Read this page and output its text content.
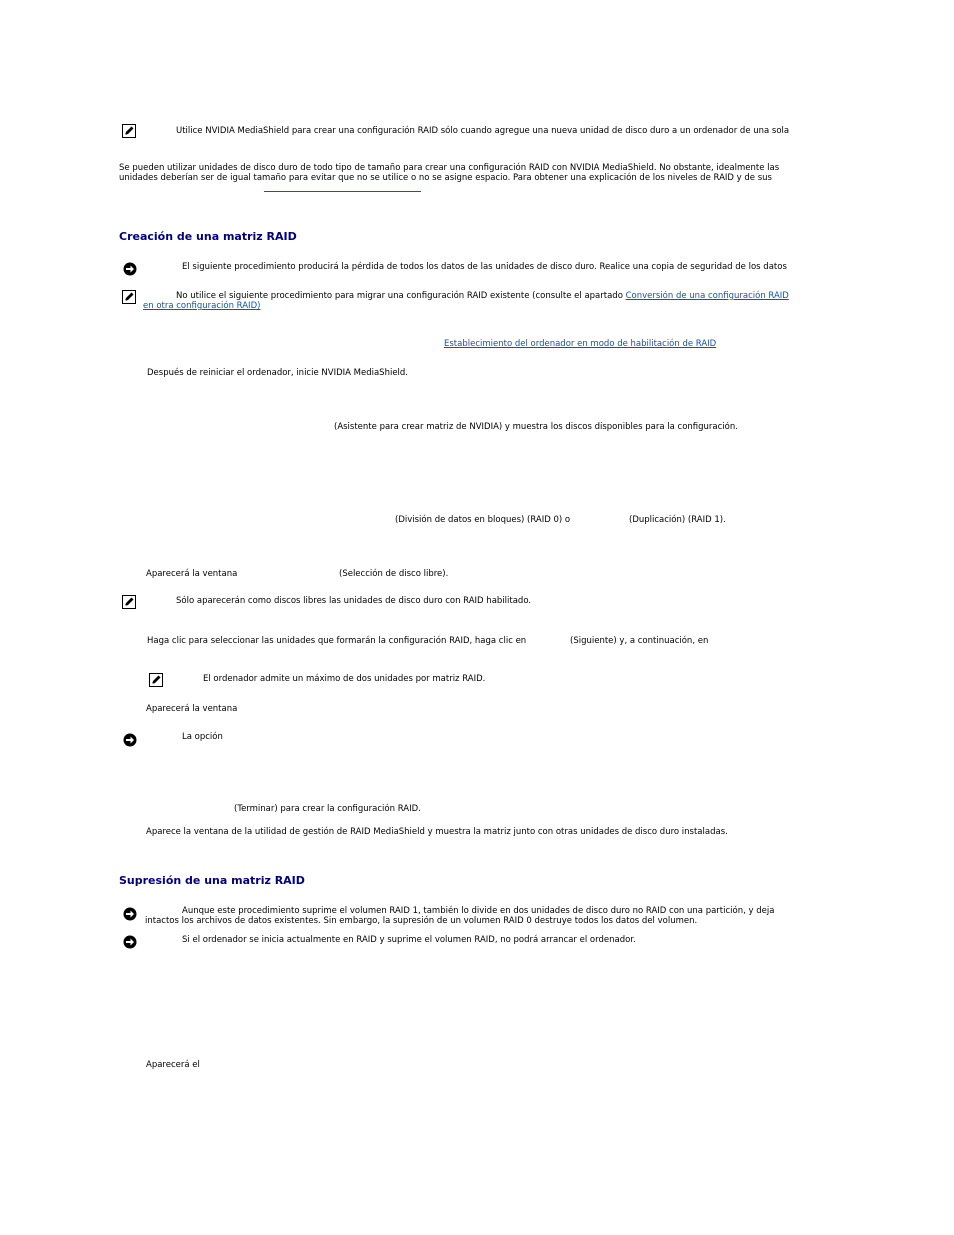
Utilice NVIDIA MediaShield para crear una configuración RAID sólo cuando agregue una nueva unidad de disco duro a un ordenador de una sola
Se pueden utilizar unidades de disco duro de todo tipo de tamaño para crear una configuración RAID con NVIDIA MediaShield. No obstante, idealmente las
unidades deberían ser de igual tamaño para evitar que no se utilice o no se asigne espacio. Para obtener una explicación de los niveles de RAID y de sus
Creación de una matriz RAID
El siguiente procedimiento producirá la pérdida de todos los datos de las unidades de disco duro. Realice una copia de seguridad de los datos
No utilice el siguiente procedimiento para migrar una configuración RAID existente (consulte el apartado Conversión de una configuración RAID
en otra configuración RAID)
Establecimiento del ordenador en modo de habilitación de RAID
Después de reiniciar el ordenador, inicie NVIDIA MediaShield.
(Asistente para crear matriz de NVIDIA) y muestra los discos disponibles para la configuración.
(División de datos en bloques) (RAID 0) o	(Duplicación) (RAID 1).
Aparecerá la ventana	(Selección de disco libre).
Sólo aparecerán como discos libres las unidades de disco duro con RAID habilitado.
Haga clic para seleccionar las unidades que formarán la configuración RAID, haga clic en	(Siguiente) y, a continuación, en
El ordenador admite un máximo de dos unidades por matriz RAID.
Aparecerá la ventana
La opción
(Terminar) para crear la configuración RAID.
Aparece la ventana de la utilidad de gestión de RAID MediaShield y muestra la matriz junto con otras unidades de disco duro instaladas.
Supresión de una matriz RAID
Aunque este procedimiento suprime el volumen RAID 1, también lo divide en dos unidades de disco duro no RAID con una partición, y deja
intactos los archivos de datos existentes. Sin embargo, la supresión de un volumen RAID 0 destruye todos los datos del volumen.
Si el ordenador se inicia actualmente en RAID y suprime el volumen RAID, no podrá arrancar el ordenador.
Aparecerá el
